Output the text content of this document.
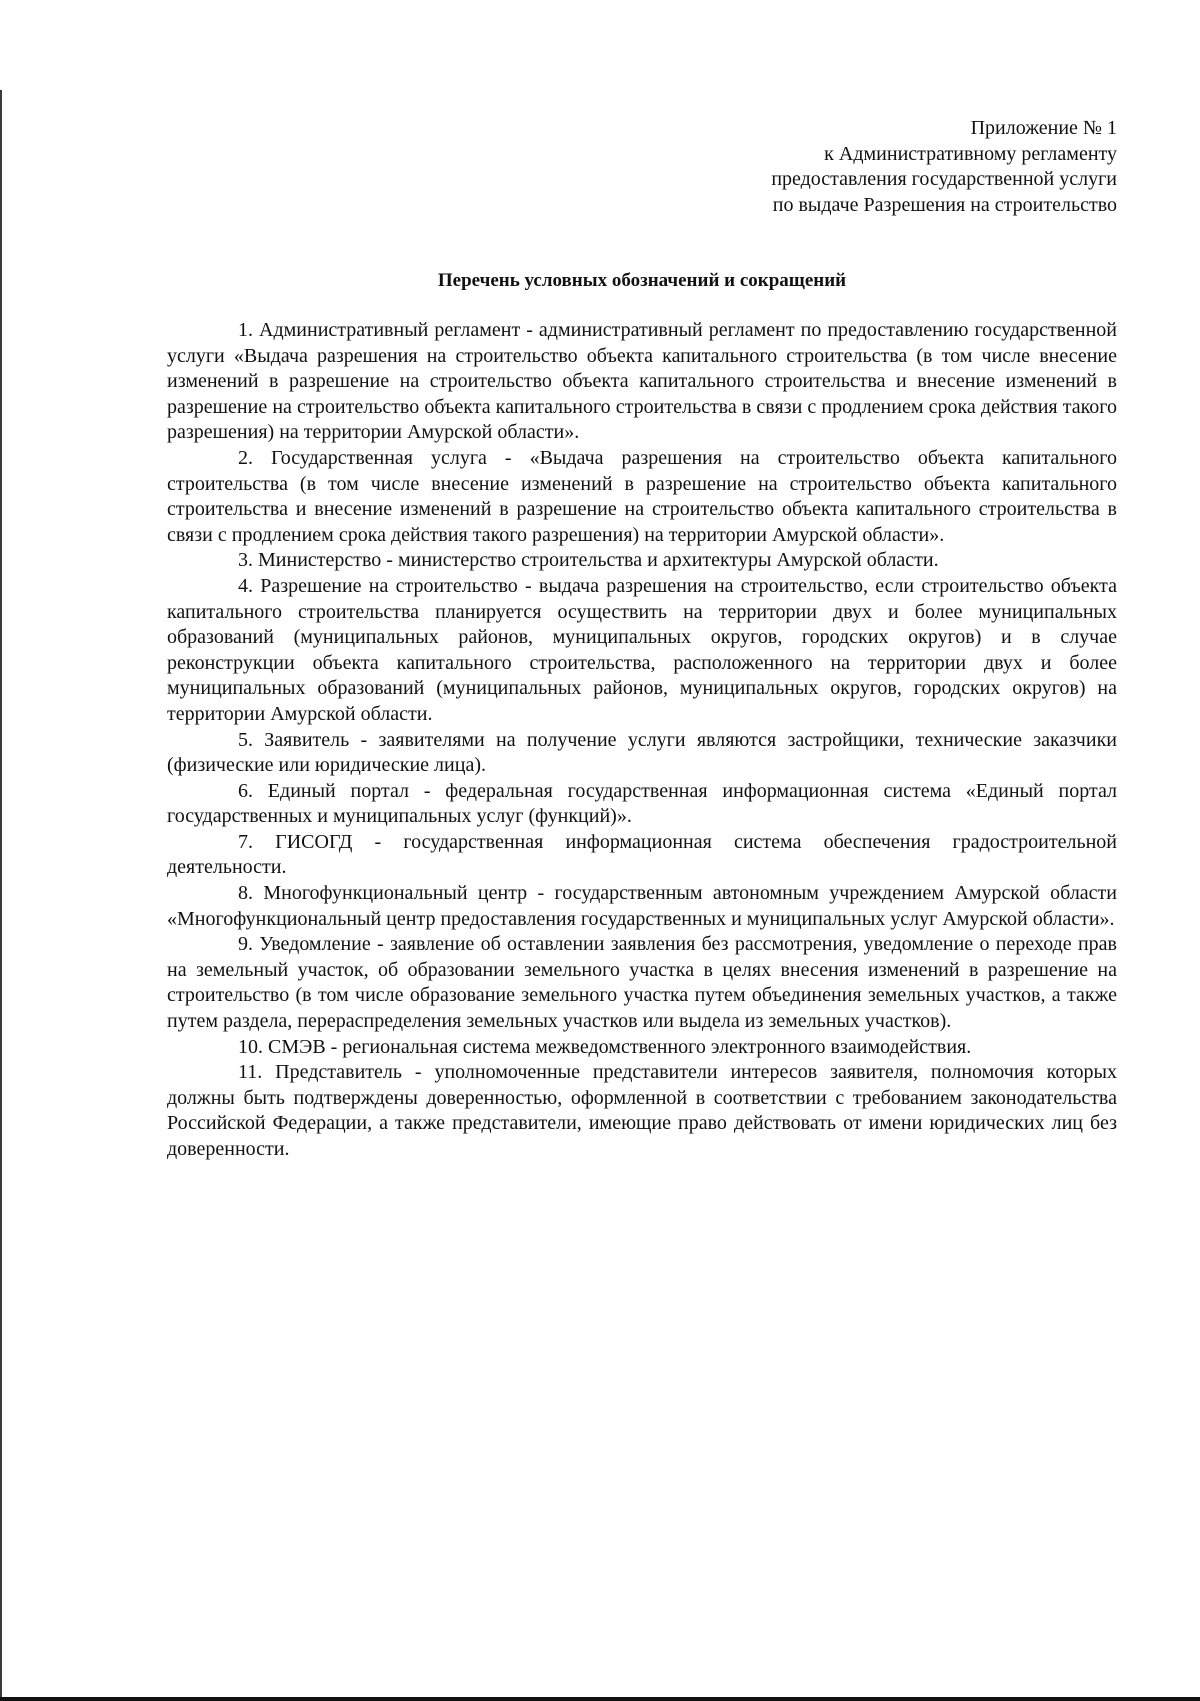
Приложение № 1
к Административному регламенту
предоставления государственной услуги
по выдаче Разрешения на строительство
Перечень условных обозначений и сокращений

1. Административный регламент - административный регламент по предоставлению государственной услуги «Выдача разрешения на строительство объекта капитального строительства (в том числе внесение изменений в разрешение на строительство объекта капитального строительства и внесение изменений в разрешение на строительство объекта капитального строительства в связи с продлением срока действия такого разрешения) на территории Амурской области».

2. Государственная услуга - «Выдача разрешения на строительство объекта капитального строительства (в том числе внесение изменений в разрешение на строительство объекта капитального строительства и внесение изменений в разрешение на строительство объекта капитального строительства в связи с продлением срока действия такого разрешения) на территории Амурской области».

3. Министерство - министерство строительства и архитектуры Амурской области.

4. Разрешение на строительство - выдача разрешения на строительство, если строительство объекта капитального строительства планируется осуществить на территории двух и более муниципальных образований (муниципальных районов, муниципальных округов, городских округов) и в случае реконструкции объекта капитального строительства, расположенного на территории двух и более муниципальных образований (муниципальных районов, муниципальных округов, городских округов) на территории Амурской области.

5. Заявитель - заявителями на получение услуги являются застройщики, технические заказчики (физические или юридические лица).

6. Единый портал - федеральная государственная информационная система «Единый портал государственных и муниципальных услуг (функций)».

7. ГИСОГД - государственная информационная система обеспечения градостроительной деятельности.

8. Многофункциональный центр - государственным автономным учреждением Амурской области «Многофункциональный центр предоставления государственных и муниципальных услуг Амурской области».

9. Уведомление - заявление об оставлении заявления без рассмотрения, уведомление о переходе прав на земельный участок, об образовании земельного участка в целях внесения изменений в разрешение на строительство (в том числе образование земельного участка путем объединения земельных участков, а также путем раздела, перераспределения земельных участков или выдела из земельных участков).

10. СМЭВ - региональная система межведомственного электронного взаимодействия.

11. Представитель - уполномоченные представители интересов заявителя, полномочия которых должны быть подтверждены доверенностью, оформленной в соответствии с требованием законодательства Российской Федерации, а также представители, имеющие право действовать от имени юридических лиц без доверенности.
